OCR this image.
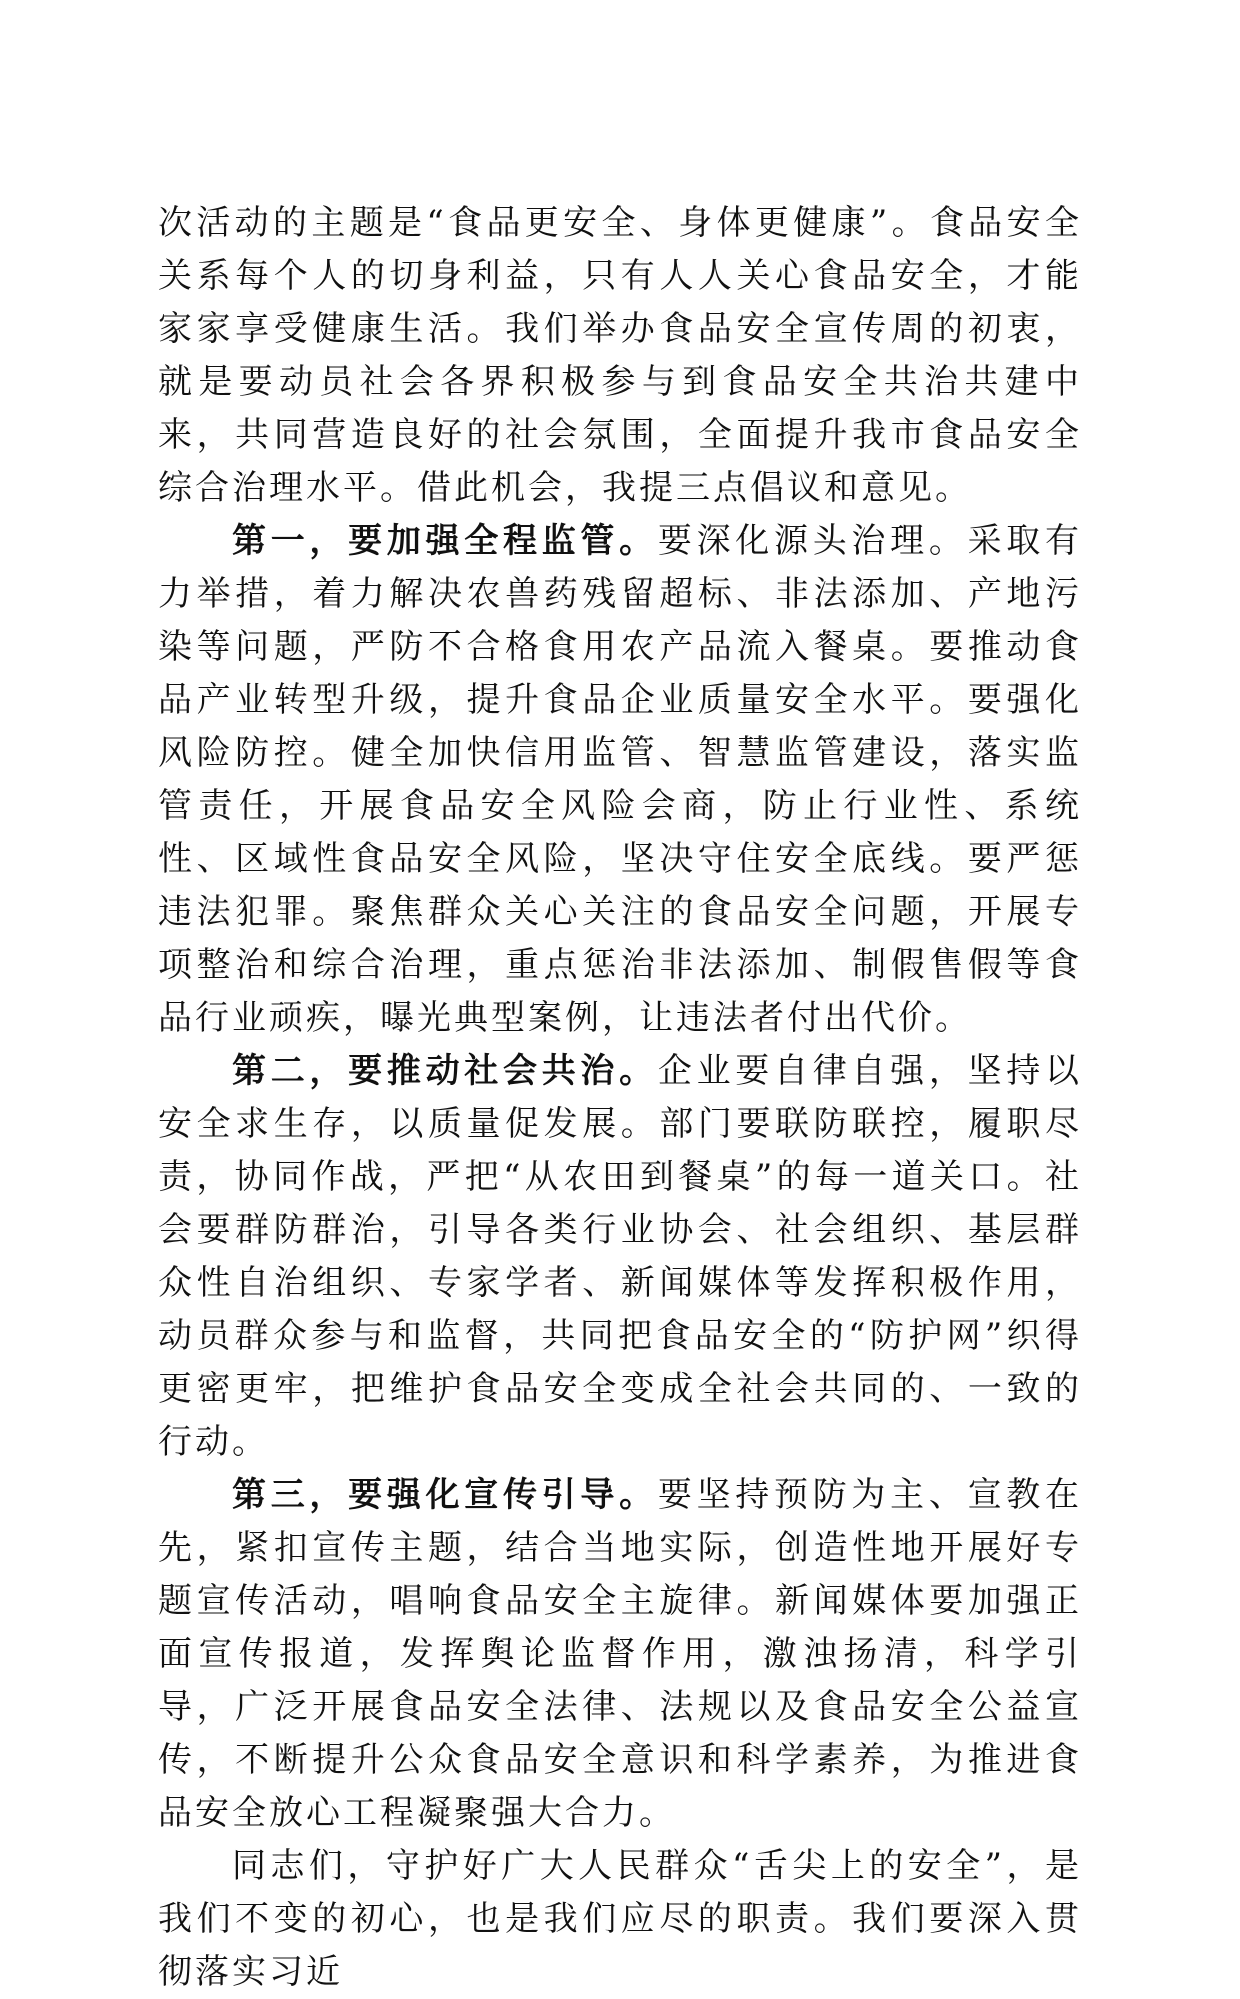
次活动的主题是“食品更安全、身体更健康”。食品安全关系每个人的切身利益，只有人人关心食品安全，才能家家享受健康生活。我们举办食品安全宣传周的初衷，就是要动员社会各界积极参与到食品安全共治共建中来，共同营造良好的社会氛围，全面提升我市食品安全综合治理水平。借此机会，我提三点倡议和意见。

第一，要加强全程监管。要深化源头治理。采取有力举措，着力解决农兽药残留超标、非法添加、产地污染等问题，严防不合格食用农产品流入餐桌。要推动食品产业转型升级，提升食品企业质量安全水平。要强化风险防控。健全加快信用监管、智慧监管建设，落实监管责任，开展食品安全风险会商，防止行业性、系统性、区域性食品安全风险，坚决守住安全底线。要严惩违法犯罪。聚焦群众关心关注的食品安全问题，开展专项整治和综合治理，重点惩治非法添加、制假售假等食品行业顽疾，曝光典型案例，让违法者付出代价。

第二，要推动社会共治。企业要自律自强，坚持以安全求生存，以质量促发展。部门要联防联控，履职尽责，协同作战，严把“从农田到餐桌”的每一道关口。社会要群防群治，引导各类行业协会、社会组织、基层群众性自治组织、专家学者、新闻媒体等发挥积极作用，动员群众参与和监督，共同把食品安全的“防护网”织得更密更牢，把维护食品安全变成全社会共同的、一致的行动。

第三，要强化宣传引导。要坚持预防为主、宣教在先，紧扣宣传主题，结合当地实际，创造性地开展好专题宣传活动，唱响食品安全主旋律。新闻媒体要加强正面宣传报道，发挥舆论监督作用，激浊扬清，科学引导，广泛开展食品安全法律、法规以及食品安全公益宣传，不断提升公众食品安全意识和科学素养，为推进食品安全放心工程凝聚强大合力。

同志们，守护好广大人民群众“舌尖上的安全”，是我们不变的初心，也是我们应尽的职责。我们要深入贯彻落实习近
